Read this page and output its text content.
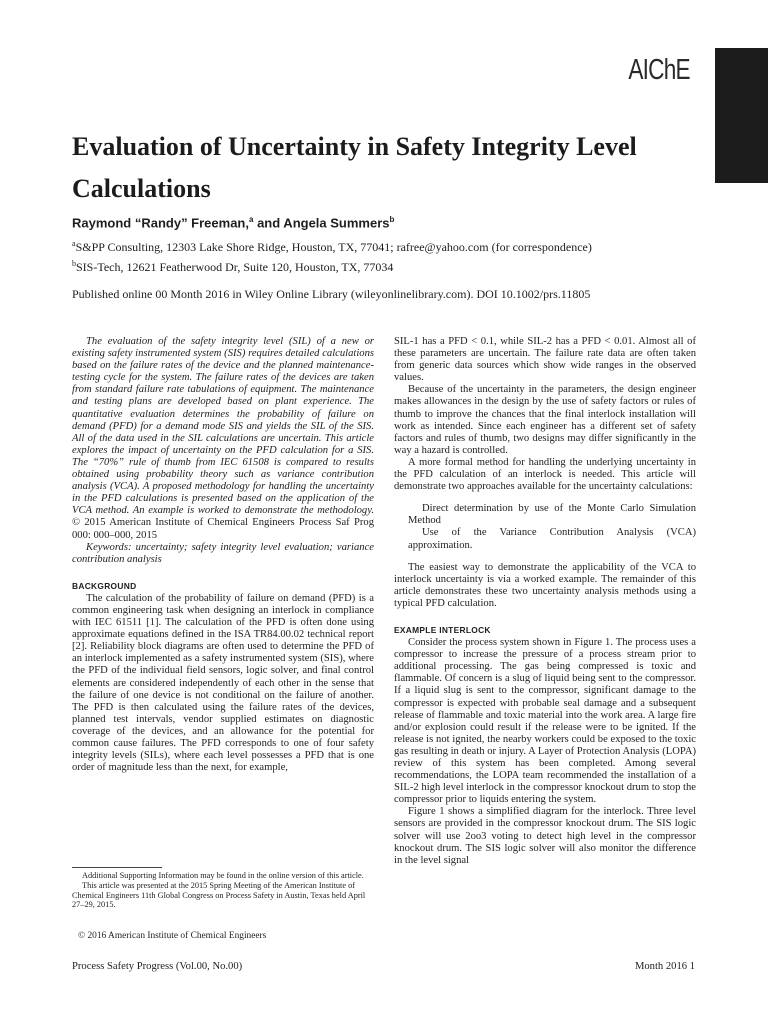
AIChE
Evaluation of Uncertainty in Safety Integrity Level Calculations
Raymond “Randy” Freeman,$^a$ and Angela Summers$^b$
$^a$S&PP Consulting, 12303 Lake Shore Ridge, Houston, TX, 77041; rafree@yahoo.com (for correspondence)
$^b$SIS-Tech, 12621 Featherwood Dr, Suite 120, Houston, TX, 77034
Published online 00 Month 2016 in Wiley Online Library (wileyonlinelibrary.com). DOI 10.1002/prs.11805

The evaluation of the safety integrity level (SIL) of a new or existing safety instrumented system (SIS) requires detailed calculations based on the failure rates of the device and the planned maintenance-testing cycle for the system. The failure rates of the devices are taken from standard failure rate tabulations of equipment. The maintenance and testing plans are developed based on plant experience. The quantitative evaluation determines the probability of failure on demand (PFD) for a demand mode SIS and yields the SIL of the SIS. All of the data used in the SIL calculations are uncertain. This article explores the impact of uncertainty on the PFD calculation for a SIS. The “70%” rule of thumb from IEC 61508 is compared to results obtained using probability theory such as variance contribution analysis (VCA). A proposed methodology for handling the uncertainty in the PFD calculations is presented based on the application of the VCA method. An example is worked to demonstrate the methodology. © 2015 American Institute of Chemical Engineers Process Saf Prog 000: 000–000, 2015

Keywords: uncertainty; safety integrity level evaluation; variance contribution analysis

BACKGROUND

The calculation of the probability of failure on demand (PFD) is a common engineering task when designing an interlock in compliance with IEC 61511 [1]. The calculation of the PFD is often done using approximate equations defined in the ISA TR84.00.02 technical report [2]. Reliability block diagrams are often used to determine the PFD of an interlock implemented as a safety instrumented system (SIS), where the PFD of the individual field sensors, logic solver, and final control elements are considered independently of each other in the sense that the failure of one device is not conditional on the failure of another. The PFD is then calculated using the failure rates of the devices, planned test intervals, vendor supplied estimates on diagnostic coverage of the devices, and an allowance for the potential for common cause failures. The PFD corresponds to one of four safety integrity levels (SILs), where each level possesses a PFD that is one order of magnitude less than the next, for example,

SIL-1 has a PFD < 0.1, while SIL-2 has a PFD < 0.01. Almost all of these parameters are uncertain. The failure rate data are often taken from generic data sources which show wide ranges in the observed values.

Because of the uncertainty in the parameters, the design engineer makes allowances in the design by the use of safety factors or rules of thumb to improve the chances that the final interlock installation will work as intended. Since each engineer has a different set of safety factors and rules of thumb, two designs may differ significantly in the way a hazard is controlled.

A more formal method for handling the underlying uncertainty in the PFD calculation of an interlock is needed. This article will demonstrate two approaches available for the uncertainty calculations:

Direct determination by use of the Monte Carlo Simulation Method

Use of the Variance Contribution Analysis (VCA) approximation.

The easiest way to demonstrate the applicability of the VCA to interlock uncertainty is via a worked example. The remainder of this article demonstrates these two uncertainty analysis methods using a typical PFD calculation.

EXAMPLE INTERLOCK

Consider the process system shown in Figure 1. The process uses a compressor to increase the pressure of a process stream prior to additional processing. The gas being compressed is toxic and flammable. Of concern is a slug of liquid being sent to the compressor. If a liquid slug is sent to the compressor, significant damage to the compressor is expected with probable seal damage and a subsequent release of flammable and toxic material into the work area. A large fire and/or explosion could result if the release were to be ignited. If the release is not ignited, the nearby workers could be exposed to the toxic gas resulting in death or injury. A Layer of Protection Analysis (LOPA) review of this system has been completed. Among several recommendations, the LOPA team recommended the installation of a SIL-2 high level interlock in the compressor knockout drum to stop the compressor prior to liquids entering the system.

Figure 1 shows a simplified diagram for the interlock. Three level sensors are provided in the compressor knockout drum. The SIS logic solver will use 2oo3 voting to detect high level in the compressor knockout drum. The SIS logic solver will also monitor the difference in the level signal

Additional Supporting Information may be found in the online version of this article.

This article was presented at the 2015 Spring Meeting of the American Institute of Chemical Engineers 11th Global Congress on Process Safety in Austin, Texas held April 27–29, 2015.

© 2016 American Institute of Chemical Engineers
Process Safety Progress (Vol.00, No.00)	Month 2016 1
